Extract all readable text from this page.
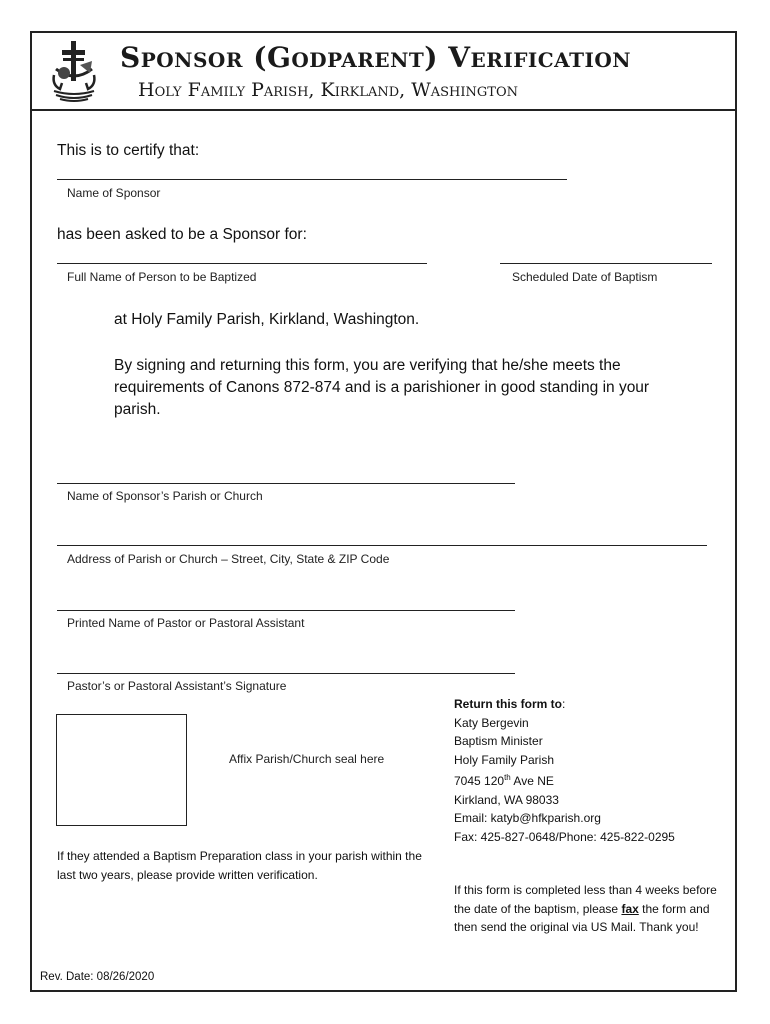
Sponsor (Godparent) Verification
Holy Family Parish, Kirkland, Washington
This is to certify that:
Name of Sponsor
has been asked to be a Sponsor for:
Full Name of Person to be Baptized	Scheduled Date of Baptism
at Holy Family Parish, Kirkland, Washington.
By signing and returning this form, you are verifying that he/she meets the requirements of Canons 872-874 and is a parishioner in good standing in your parish.
Name of Sponsor’s Parish or Church
Address of Parish or Church – Street, City, State & ZIP Code
Printed Name of Pastor or Pastoral Assistant
Pastor’s or Pastoral Assistant’s Signature
Affix Parish/Church seal here
If they attended a Baptism Preparation class in your parish within the last two years, please provide written verification.
Return this form to:
Katy Bergevin
Baptism Minister
Holy Family Parish
7045 120th Ave NE
Kirkland, WA 98033
Email: katyb@hfkparish.org
Fax: 425-827-0648/Phone: 425-822-0295
If this form is completed less than 4 weeks before the date of the baptism, please fax the form and then send the original via US Mail. Thank you!
Rev. Date: 08/26/2020
